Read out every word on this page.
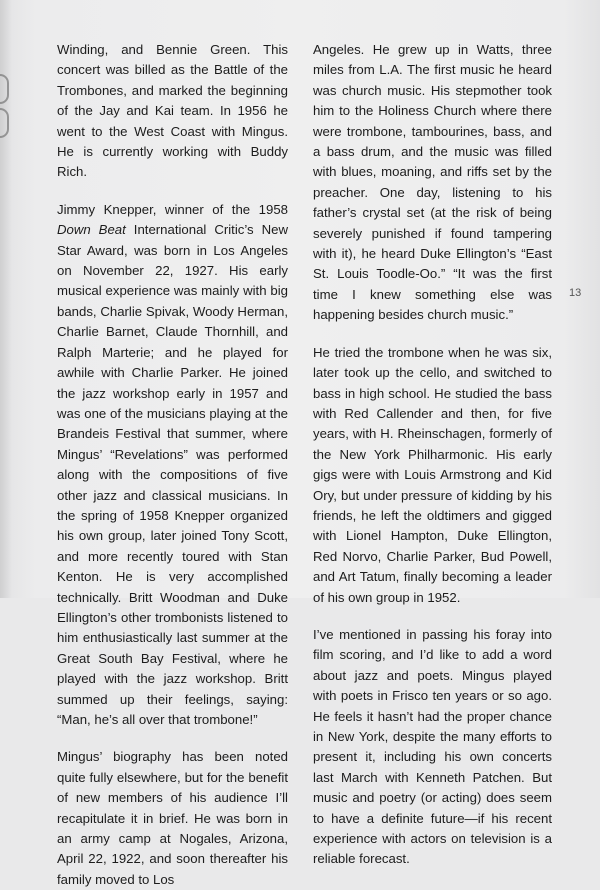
Winding, and Bennie Green. This concert was billed as the Battle of the Trombones, and marked the beginning of the Jay and Kai team. In 1956 he went to the West Coast with Mingus. He is currently working with Buddy Rich.

Jimmy Knepper, winner of the 1958 Down Beat International Critic’s New Star Award, was born in Los Angeles on November 22, 1927. His early musical experience was mainly with big bands, Charlie Spivak, Woody Herman, Charlie Barnet, Claude Thornhill, and Ralph Marterie; and he played for awhile with Charlie Parker. He joined the jazz workshop early in 1957 and was one of the musicians playing at the Brandeis Festival that summer, where Mingus’ “Revelations” was performed along with the compositions of five other jazz and classical musicians. In the spring of 1958 Knepper organized his own group, later joined Tony Scott, and more recently toured with Stan Kenton. He is very accomplished technically. Britt Woodman and Duke Ellington’s other trombonists listened to him enthusiastically last summer at the Great South Bay Festival, where he played with the jazz workshop. Britt summed up their feelings, saying: “Man, he’s all over that trombone!”

Mingus’ biography has been noted quite fully elsewhere, but for the benefit of new members of his audience I’ll recapitulate it in brief. He was born in an army camp at Nogales, Arizona, April 22, 1922, and soon thereafter his family moved to Los

Angeles. He grew up in Watts, three miles from L.A. The first music he heard was church music. His stepmother took him to the Holiness Church where there were trombone, tambourines, bass, and a bass drum, and the music was filled with blues, moaning, and riffs set by the preacher. One day, listening to his father’s crystal set (at the risk of being severely punished if found tampering with it), he heard Duke Ellington’s “East St. Louis Toodle-Oo.” “It was the first time I knew something else was happening besides church music.”

He tried the trombone when he was six, later took up the cello, and switched to bass in high school. He studied the bass with Red Callender and then, for five years, with H. Rheinschagen, formerly of the New York Philharmonic. His early gigs were with Louis Armstrong and Kid Ory, but under pressure of kidding by his friends, he left the oldtimers and gigged with Lionel Hampton, Duke Ellington, Red Norvo, Charlie Parker, Bud Powell, and Art Tatum, finally becoming a leader of his own group in 1952.

I’ve mentioned in passing his foray into film scoring, and I’d like to add a word about jazz and poets. Mingus played with poets in Frisco ten years or so ago. He feels it hasn’t had the proper chance in New York, despite the many efforts to present it, including his own concerts last March with Kenneth Patchen. But music and poetry (or acting) does seem to have a definite future—if his recent experience with actors on television is a reliable forecast.

13
